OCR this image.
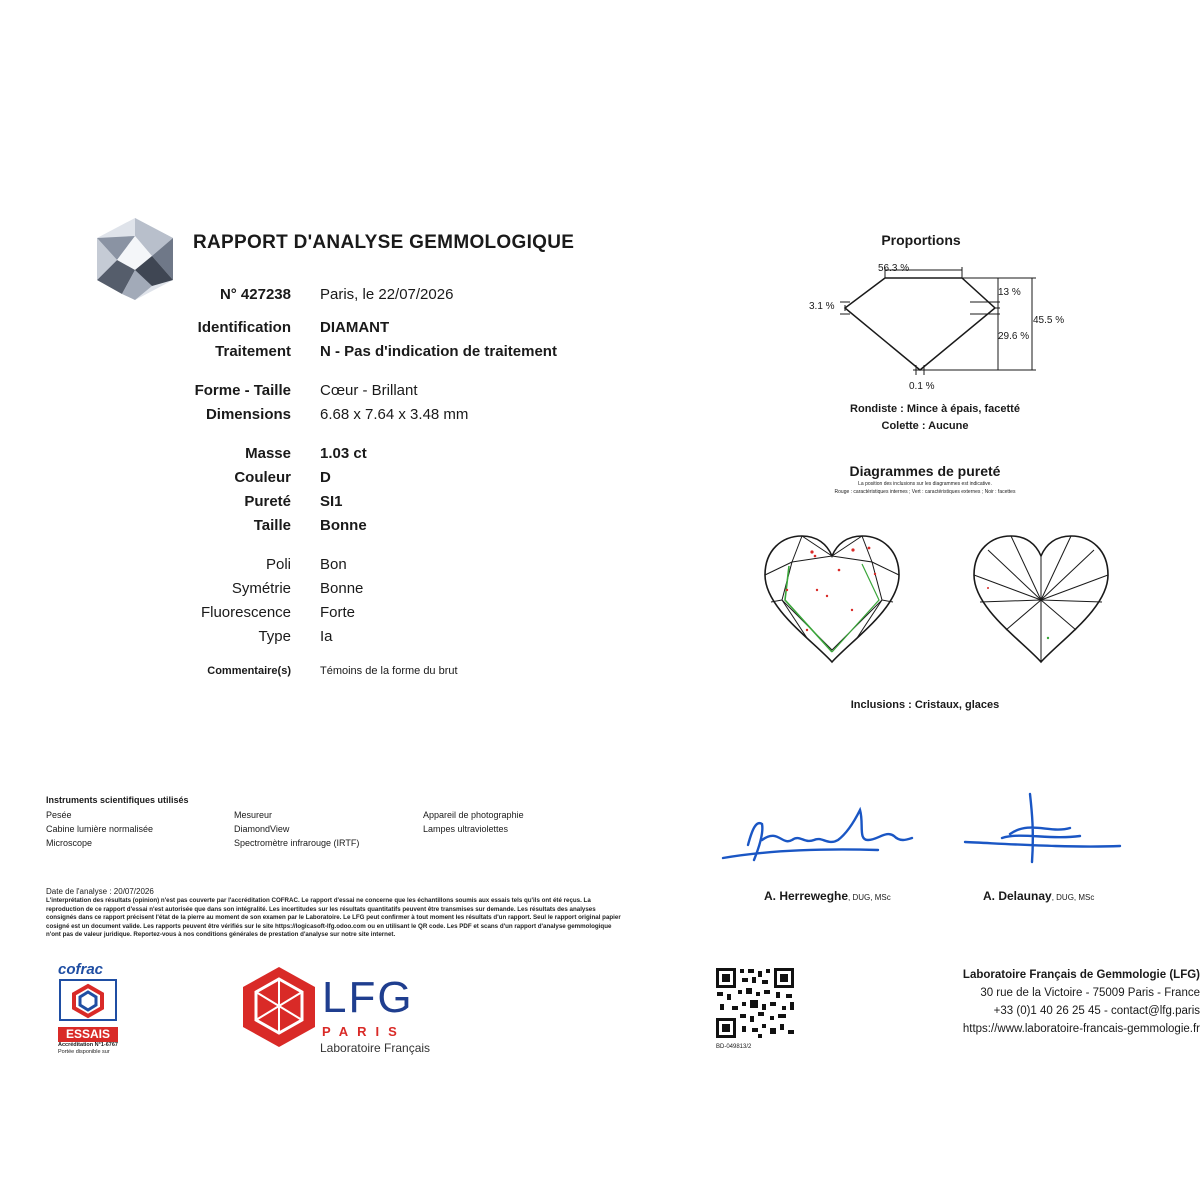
RAPPORT D'ANALYSE GEMMOLOGIQUE
N° 427238 Paris, le 22/07/2026
Identification DIAMANT
Traitement N - Pas d'indication de traitement
Forme - Taille Cœur - Brillant
Dimensions 6.68 x 7.64 x 3.48 mm
Masse 1.03 ct
Couleur D
Pureté SI1
Taille Bonne
Poli Bon
Symétrie Bonne
Fluorescence Forte
Type Ia
Commentaire(s)	Témoins de la forme du brut
Instruments scientifiques utilisés
Pesée
Cabine lumière normalisée
Microscope
Mesureur
DiamondView
Spectromètre infrarouge (IRTF)
Appareil de photographie
Lampes ultraviolettes
Date de l'analyse : 20/07/2026
L'interprétation des résultats (opinion) n'est pas couverte par l'accréditation COFRAC. Le rapport d'essai ne concerne que les échantillons soumis aux essais tels qu'ils ont été reçus. La reproduction de ce rapport d'essai n'est autorisée que dans son intégralité. Les incertitudes sur les résultats quantitatifs peuvent être transmises sur demande. Les résultats des analyses consignés dans ce rapport précisent l'état de la pierre au moment de son examen par le Laboratoire. Le LFG peut confirmer à tout moment les résultats d'un rapport. Seul le rapport original papier cosigné est un document valide. Les rapports peuvent être vérifiés sur le site https://logicasoft-lfg.odoo.com ou en utilisant le QR code. Les PDF et scans d'un rapport d'analyse gemmologique n'ont pas de valeur juridique. Reportez-vous à nos conditions générales de prestation d'analyse sur notre site internet.
cofrac
ESSAIS
Accréditation N°1-6767
Portée disponible sur
LFG
PARIS
Laboratoire Français
Proportions
56.3 %
3.1 %
13 %
45.5 %
29.6 %
0.1 %
Rondiste : Mince à épais, facetté
Colette : Aucune
Diagrammes de pureté
La position des inclusions sur les diagrammes est indicative.
Rouge : caractéristiques internes ; Vert : caractéristiques externes ; Noir : facettes
Inclusions : Cristaux, glaces
A. Herreweghe, DUG, MSc	A. Delaunay, DUG, MSc
BD-049813/2
Laboratoire Français de Gemmologie (LFG)
30 rue de la Victoire - 75009 Paris - France
+33 (0)1 40 26 25 45 - contact@lfg.paris
https://www.laboratoire-francais-gemmologie.fr
